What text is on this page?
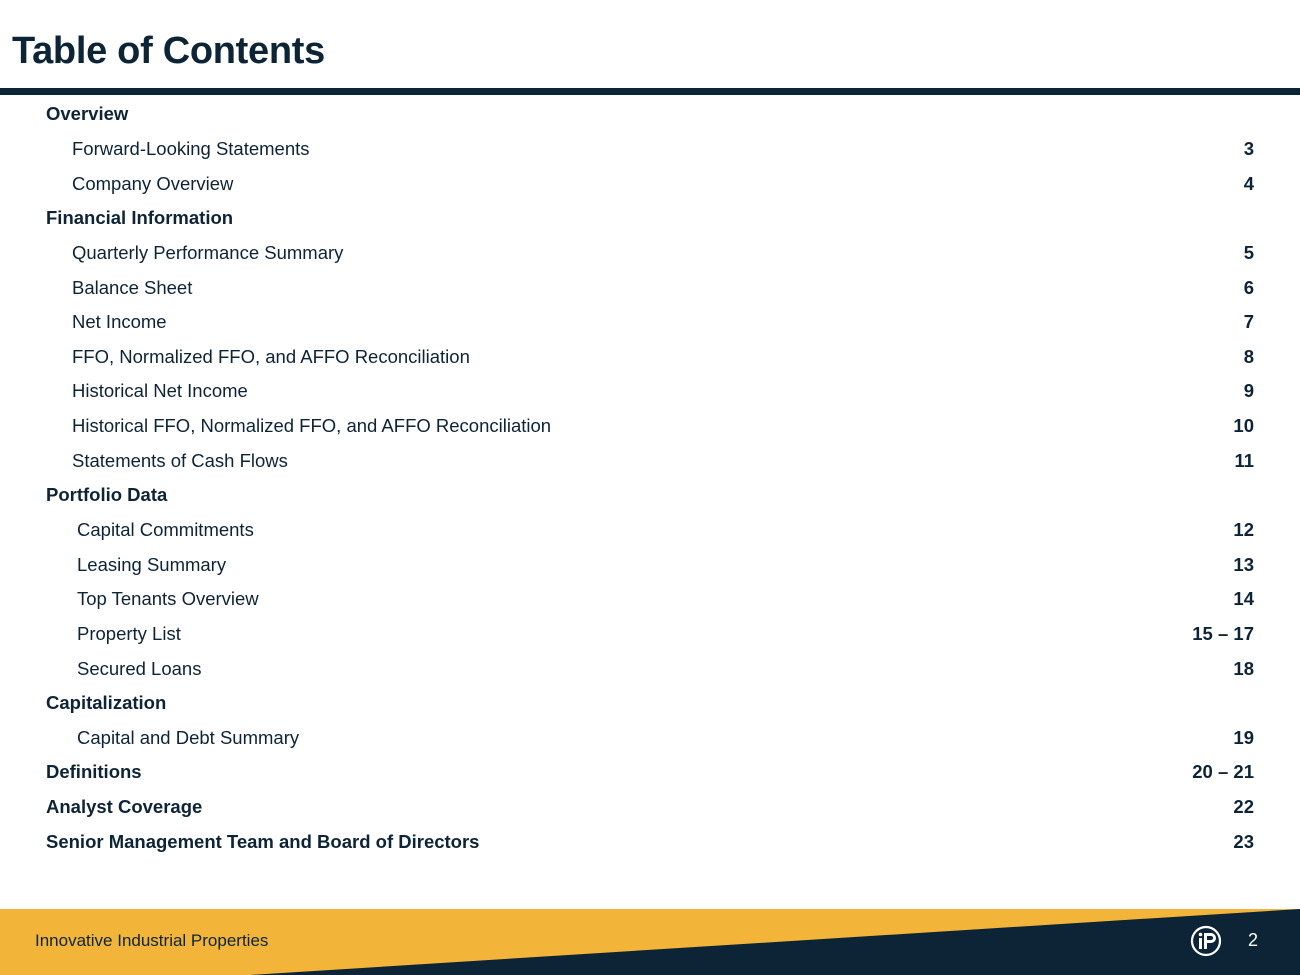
Table of Contents
Overview
Forward-Looking Statements	3
Company Overview	4
Financial Information
Quarterly Performance Summary	5
Balance Sheet	6
Net Income	7
FFO, Normalized FFO, and AFFO Reconciliation	8
Historical Net Income	9
Historical FFO, Normalized FFO, and AFFO Reconciliation	10
Statements of Cash Flows	11
Portfolio Data
Capital Commitments	12
Leasing Summary	13
Top Tenants Overview	14
Property List	15 – 17
Secured Loans	18
Capitalization
Capital and Debt Summary	19
Definitions	20 – 21
Analyst Coverage	22
Senior Management Team and Board of Directors	23
Innovative Industrial Properties	2
